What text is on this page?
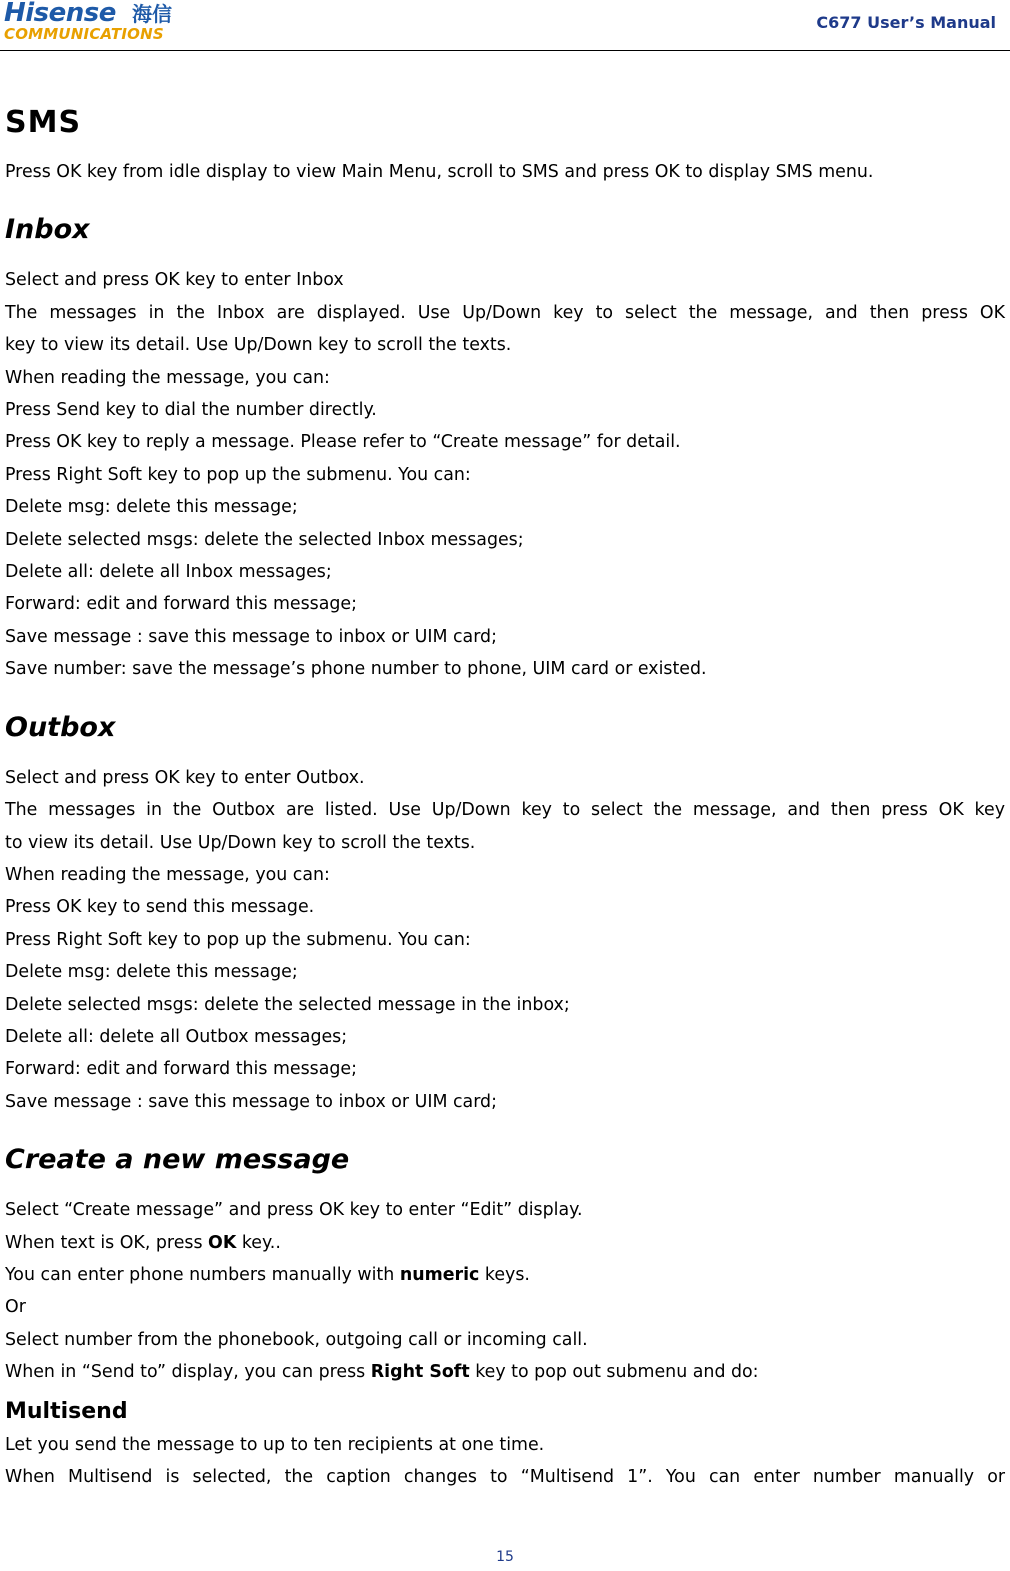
Hisense 海信
COMMUNICATIONS
C677 User’s Manual
SMS

Press OK key from idle display to view Main Menu, scroll to SMS and press OK to display SMS menu.

Inbox

Select and press OK key to enter Inbox

The messages in the Inbox are displayed. Use Up/Down key to select the message, and then press OK

key to view its detail. Use Up/Down key to scroll the texts.

When reading the message, you can:

Press Send key to dial the number directly.

Press OK key to reply a message. Please refer to “Create message” for detail.

Press Right Soft key to pop up the submenu. You can:

Delete msg: delete this message;

Delete selected msgs: delete the selected Inbox messages;

Delete all: delete all Inbox messages;

Forward: edit and forward this message;

Save message : save this message to inbox or UIM card;

Save number: save the message’s phone number to phone, UIM card or existed.

Outbox

Select and press OK key to enter Outbox.

The messages in the Outbox are listed. Use Up/Down key to select the message, and then press OK key

to view its detail. Use Up/Down key to scroll the texts.

When reading the message, you can:

Press OK key to send this message.

Press Right Soft key to pop up the submenu. You can:

Delete msg: delete this message;

Delete selected msgs: delete the selected message in the inbox;

Delete all: delete all Outbox messages;

Forward: edit and forward this message;

Save message : save this message to inbox or UIM card;

Create a new message

Select “Create message” and press OK key to enter “Edit” display.

When text is OK, press OK key..

You can enter phone numbers manually with numeric keys.

Or

Select number from the phonebook, outgoing call or incoming call.

When in “Send to” display, you can press Right Soft key to pop out submenu and do:

Multisend

Let you send the message to up to ten recipients at one time.

When Multisend is selected, the caption changes to “Multisend 1”. You can enter number manually or

15
